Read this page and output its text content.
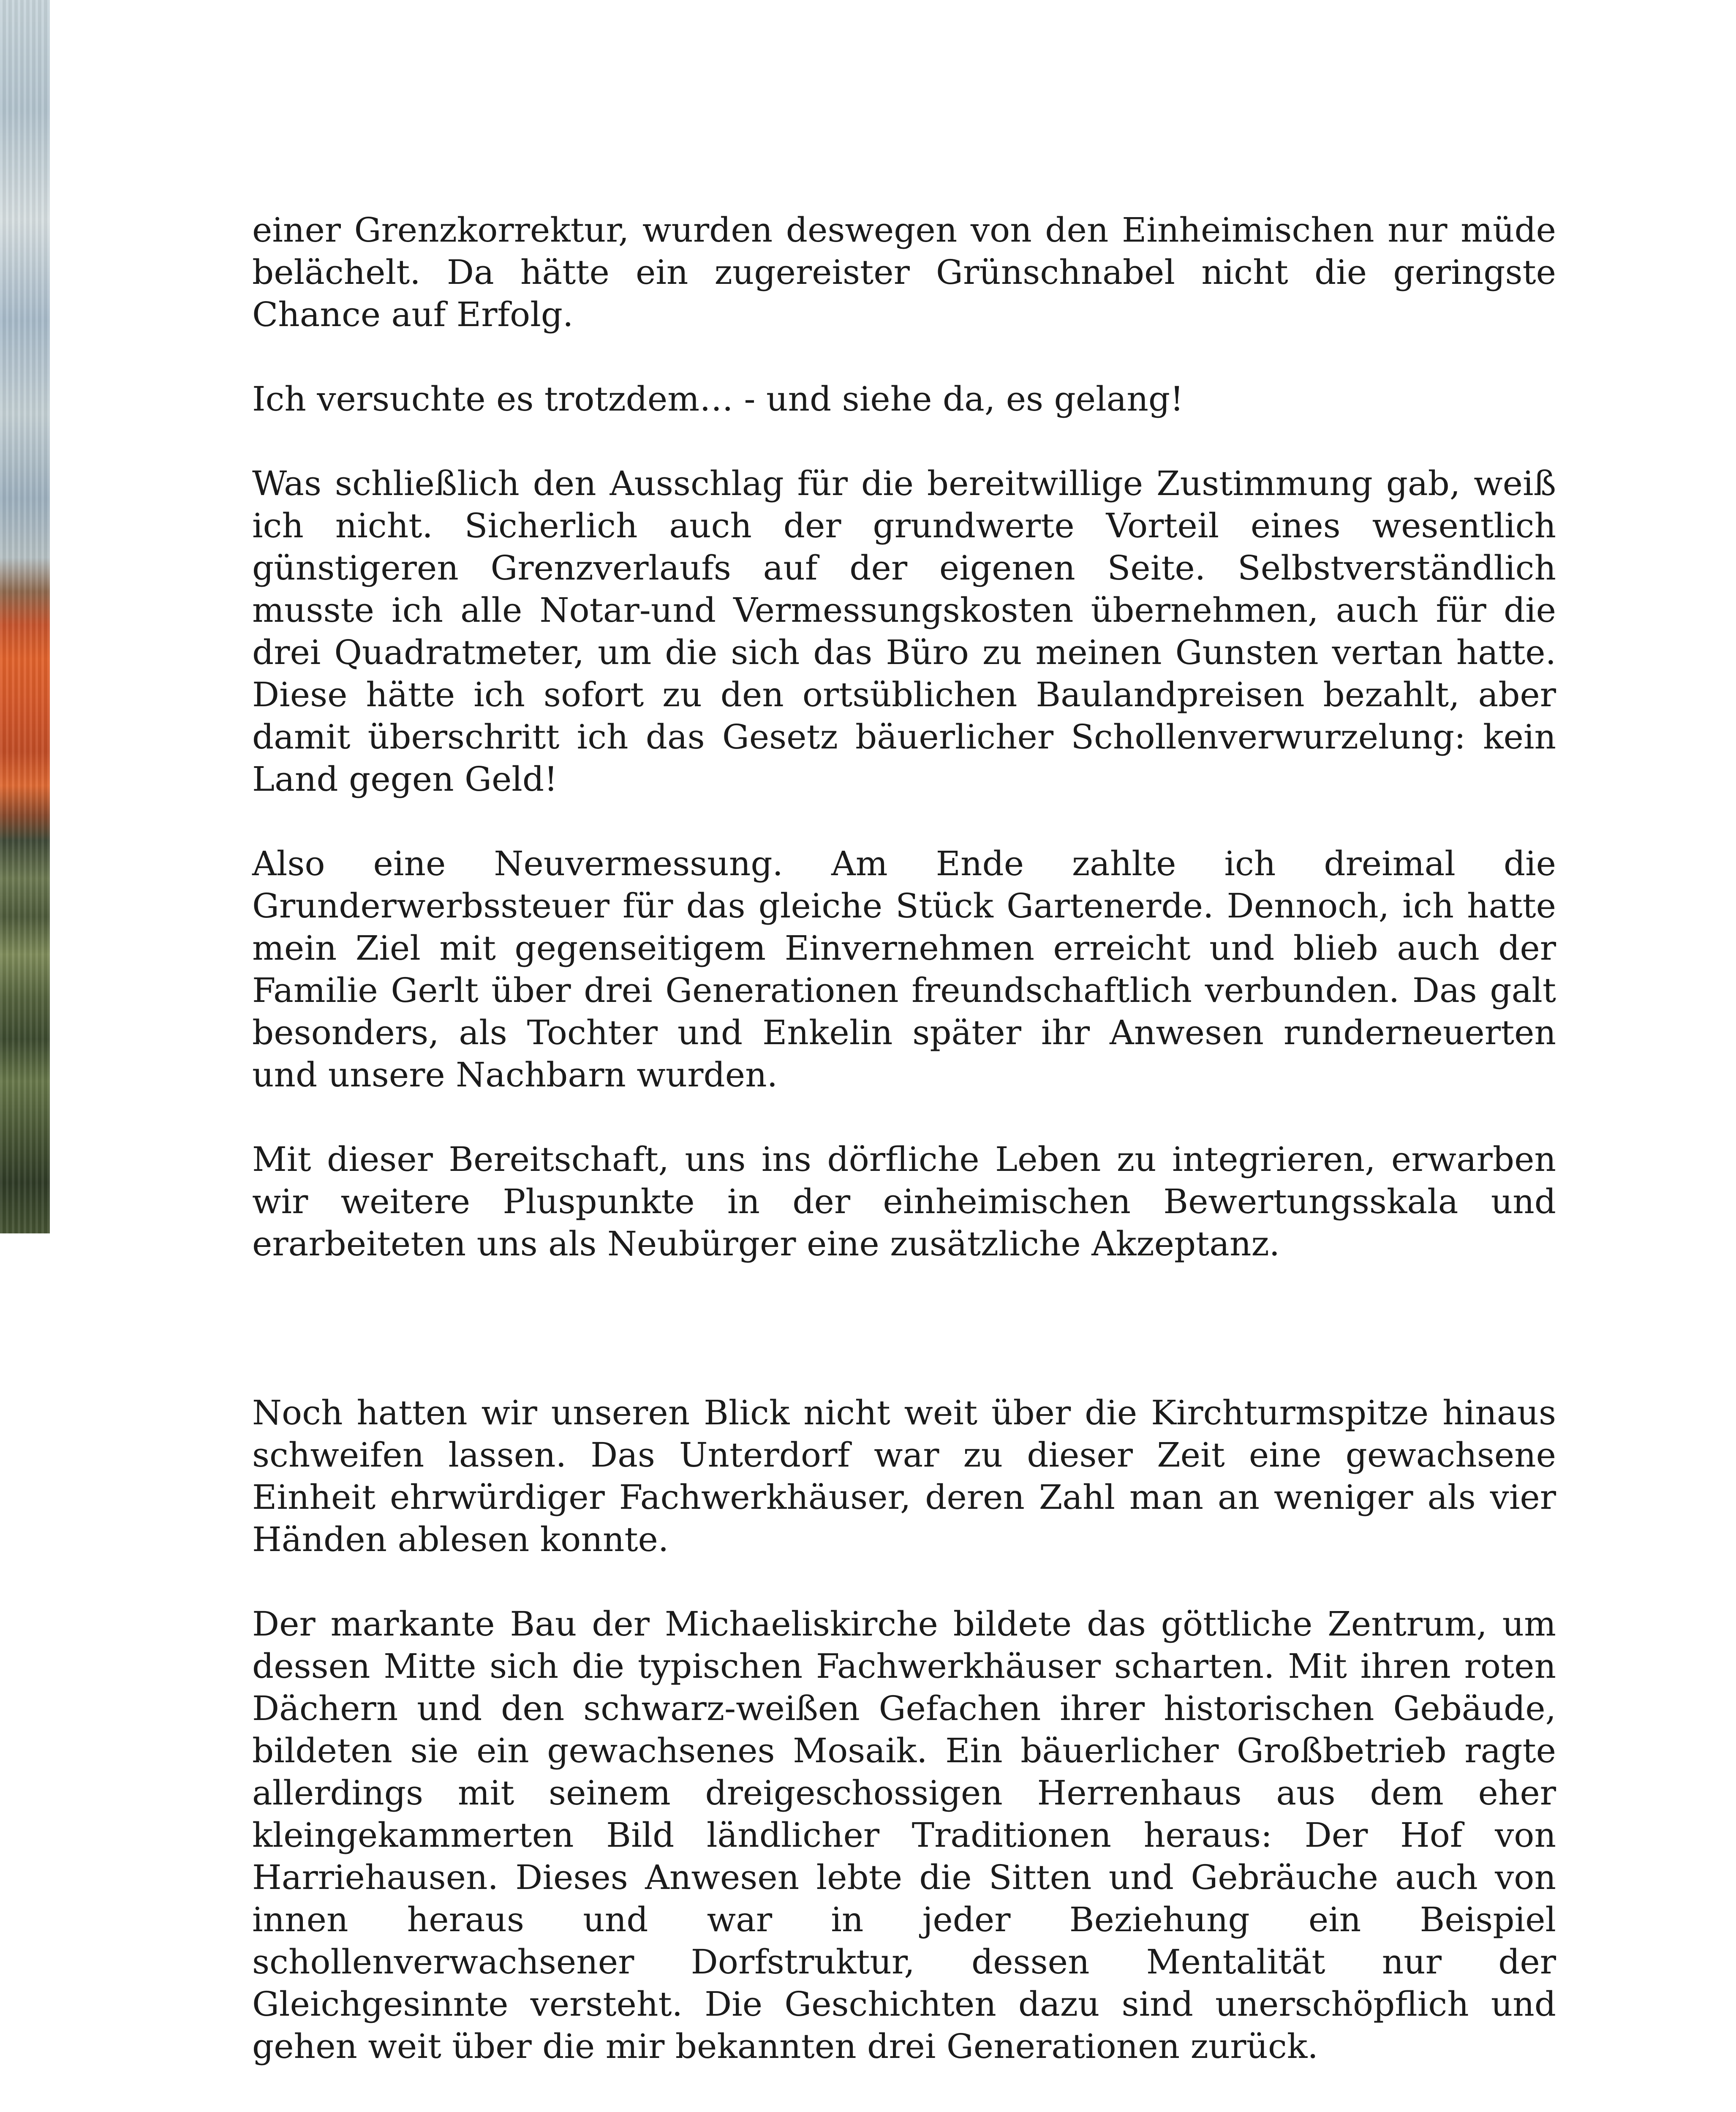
einer Grenzkorrektur, wurden deswegen von den Einheimischen nur müde belächelt. Da hätte ein zugereister Grünschnabel nicht die geringste Chance auf Erfolg.

Ich versuchte es trotzdem… - und siehe da, es gelang!

Was schließlich den Ausschlag für die bereitwillige Zustimmung gab, weiß ich nicht. Sicherlich auch der grundwerte Vorteil eines wesentlich günstigeren Grenzverlaufs auf der eigenen Seite. Selbstverständlich musste ich alle Notar-und Vermessungskosten übernehmen, auch für die drei Quadratmeter, um die sich das Büro zu meinen Gunsten vertan hatte. Diese hätte ich sofort zu den ortsüblichen Baulandpreisen bezahlt, aber damit überschritt ich das Gesetz bäuerlicher Schollenverwurzelung: kein Land gegen Geld!

Also eine Neuvermessung. Am Ende zahlte ich dreimal die Grunderwerbssteuer für das gleiche Stück Gartenerde. Dennoch, ich hatte mein Ziel mit gegenseitigem Einvernehmen erreicht und blieb auch der Familie Gerlt über drei Generationen freundschaftlich verbunden. Das galt besonders, als Tochter und Enkelin später ihr Anwesen runderneuerten und unsere Nachbarn wurden.

Mit dieser Bereitschaft, uns ins dörfliche Leben zu integrieren, erwarben wir weitere Pluspunkte in der einheimischen Bewertungsskala und erarbeiteten uns als Neubürger eine zusätzliche Akzeptanz.

Noch hatten wir unseren Blick nicht weit über die Kirchturmspitze hinaus schweifen lassen. Das Unterdorf war zu dieser Zeit eine gewachsene Einheit ehrwürdiger Fachwerkhäuser, deren Zahl man an weniger als vier Händen ablesen konnte.

Der markante Bau der Michaeliskirche bildete das göttliche Zentrum, um dessen Mitte sich die typischen Fachwerkhäuser scharten. Mit ihren roten Dächern und den schwarz-weißen Gefachen ihrer historischen Gebäude, bildeten sie ein gewachsenes Mosaik. Ein bäuerlicher Großbetrieb ragte allerdings mit seinem dreigeschossigen Herrenhaus aus dem eher kleingekammerten Bild ländlicher Traditionen heraus: Der Hof von Harriehausen. Dieses Anwesen lebte die Sitten und Gebräuche auch von innen heraus und war in jeder Beziehung ein Beispiel schollenverwachsener Dorfstruktur, dessen Mentalität nur der Gleichgesinnte versteht. Die Geschichten dazu sind unerschöpflich und gehen weit über die mir bekannten drei Generationen zurück.
